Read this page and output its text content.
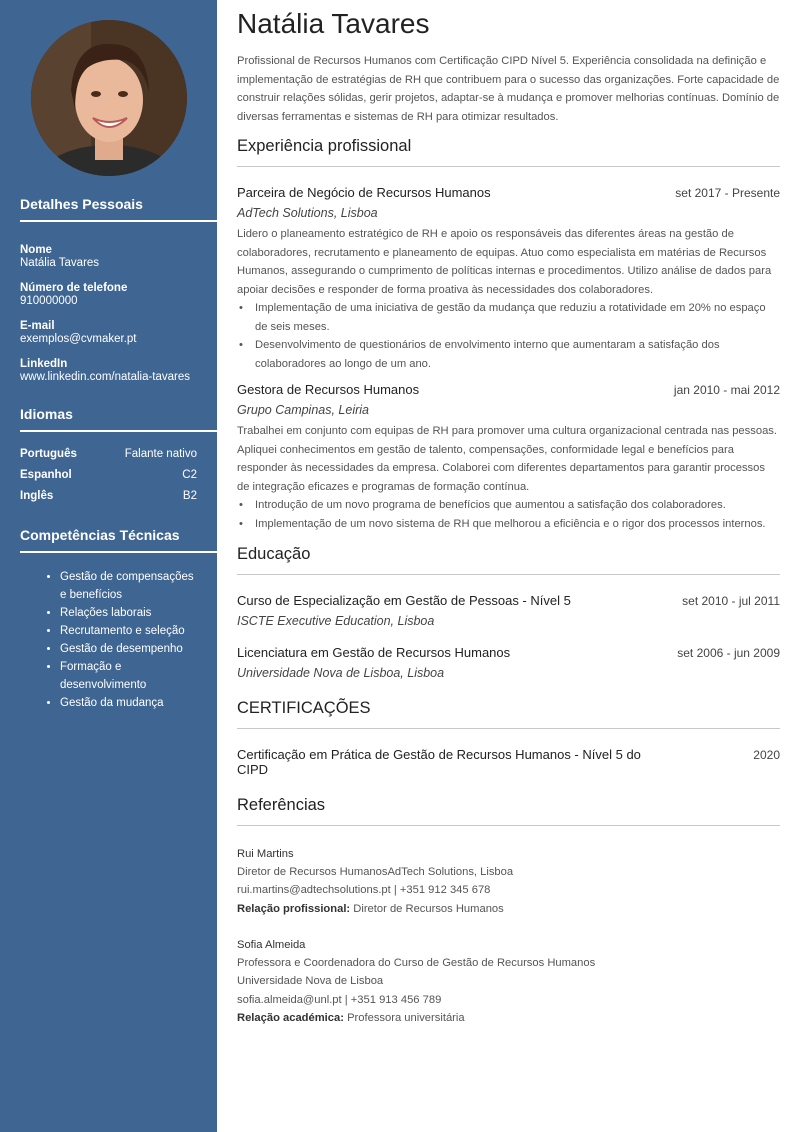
Detalhes Pessoais
Nome
Natália Tavares
Número de telefone
910000000
E-mail
exemplos@cvmaker.pt
LinkedIn
www.linkedin.com/natalia-tavares
Idiomas
Português	Falante nativo
Espanhol	C2
Inglês	B2
Competências Técnicas
• Gestão de compensações e benefícios
• Relações laborais
• Recrutamento e seleção
• Gestão de desempenho
• Formação e desenvolvimento
• Gestão da mudança
Natália Tavares
Profissional de Recursos Humanos com Certificação CIPD Nível 5. Experiência consolidada na definição e implementação de estratégias de RH que contribuem para o sucesso das organizações. Forte capacidade de construir relações sólidas, gerir projetos, adaptar-se à mudança e promover melhorias contínuas. Domínio de diversas ferramentas e sistemas de RH para otimizar resultados.
Experiência profissional
Parceira de Negócio de Recursos Humanos	set 2017 - Presente
AdTech Solutions, Lisboa
Lidero o planeamento estratégico de RH e apoio os responsáveis das diferentes áreas na gestão de colaboradores, recrutamento e planeamento de equipas. Atuo como especialista em matérias de Recursos Humanos, assegurando o cumprimento de políticas internas e procedimentos. Utilizo análise de dados para apoiar decisões e responder de forma proativa às necessidades dos colaboradores.
• Implementação de uma iniciativa de gestão da mudança que reduziu a rotatividade em 20% no espaço de seis meses.
• Desenvolvimento de questionários de envolvimento interno que aumentaram a satisfação dos colaboradores ao longo de um ano.
Gestora de Recursos Humanos	jan 2010 - mai 2012
Grupo Campinas, Leiria
Trabalhei em conjunto com equipas de RH para promover uma cultura organizacional centrada nas pessoas. Apliquei conhecimentos em gestão de talento, compensações, conformidade legal e benefícios para responder às necessidades da empresa. Colaborei com diferentes departamentos para garantir processos de integração eficazes e programas de formação contínua.
• Introdução de um novo programa de benefícios que aumentou a satisfação dos colaboradores.
• Implementação de um novo sistema de RH que melhorou a eficiência e o rigor dos processos internos.
Educação
Curso de Especialização em Gestão de Pessoas - Nível 5	set 2010 - jul 2011
ISCTE Executive Education, Lisboa
Licenciatura em Gestão de Recursos Humanos	set 2006 - jun 2009
Universidade Nova de Lisboa, Lisboa
CERTIFICAÇÕES
Certificação em Prática de Gestão de Recursos Humanos - Nível 5 do CIPD
2020
Referências
Rui Martins
Diretor de Recursos HumanosAdTech Solutions, Lisboa
rui.martins@adtechsolutions.pt | +351 912 345 678
Relação profissional: Diretor de Recursos Humanos
Sofia Almeida
Professora e Coordenadora do Curso de Gestão de Recursos Humanos
Universidade Nova de Lisboa
sofia.almeida@unl.pt | +351 913 456 789
Relação académica: Professora universitária
